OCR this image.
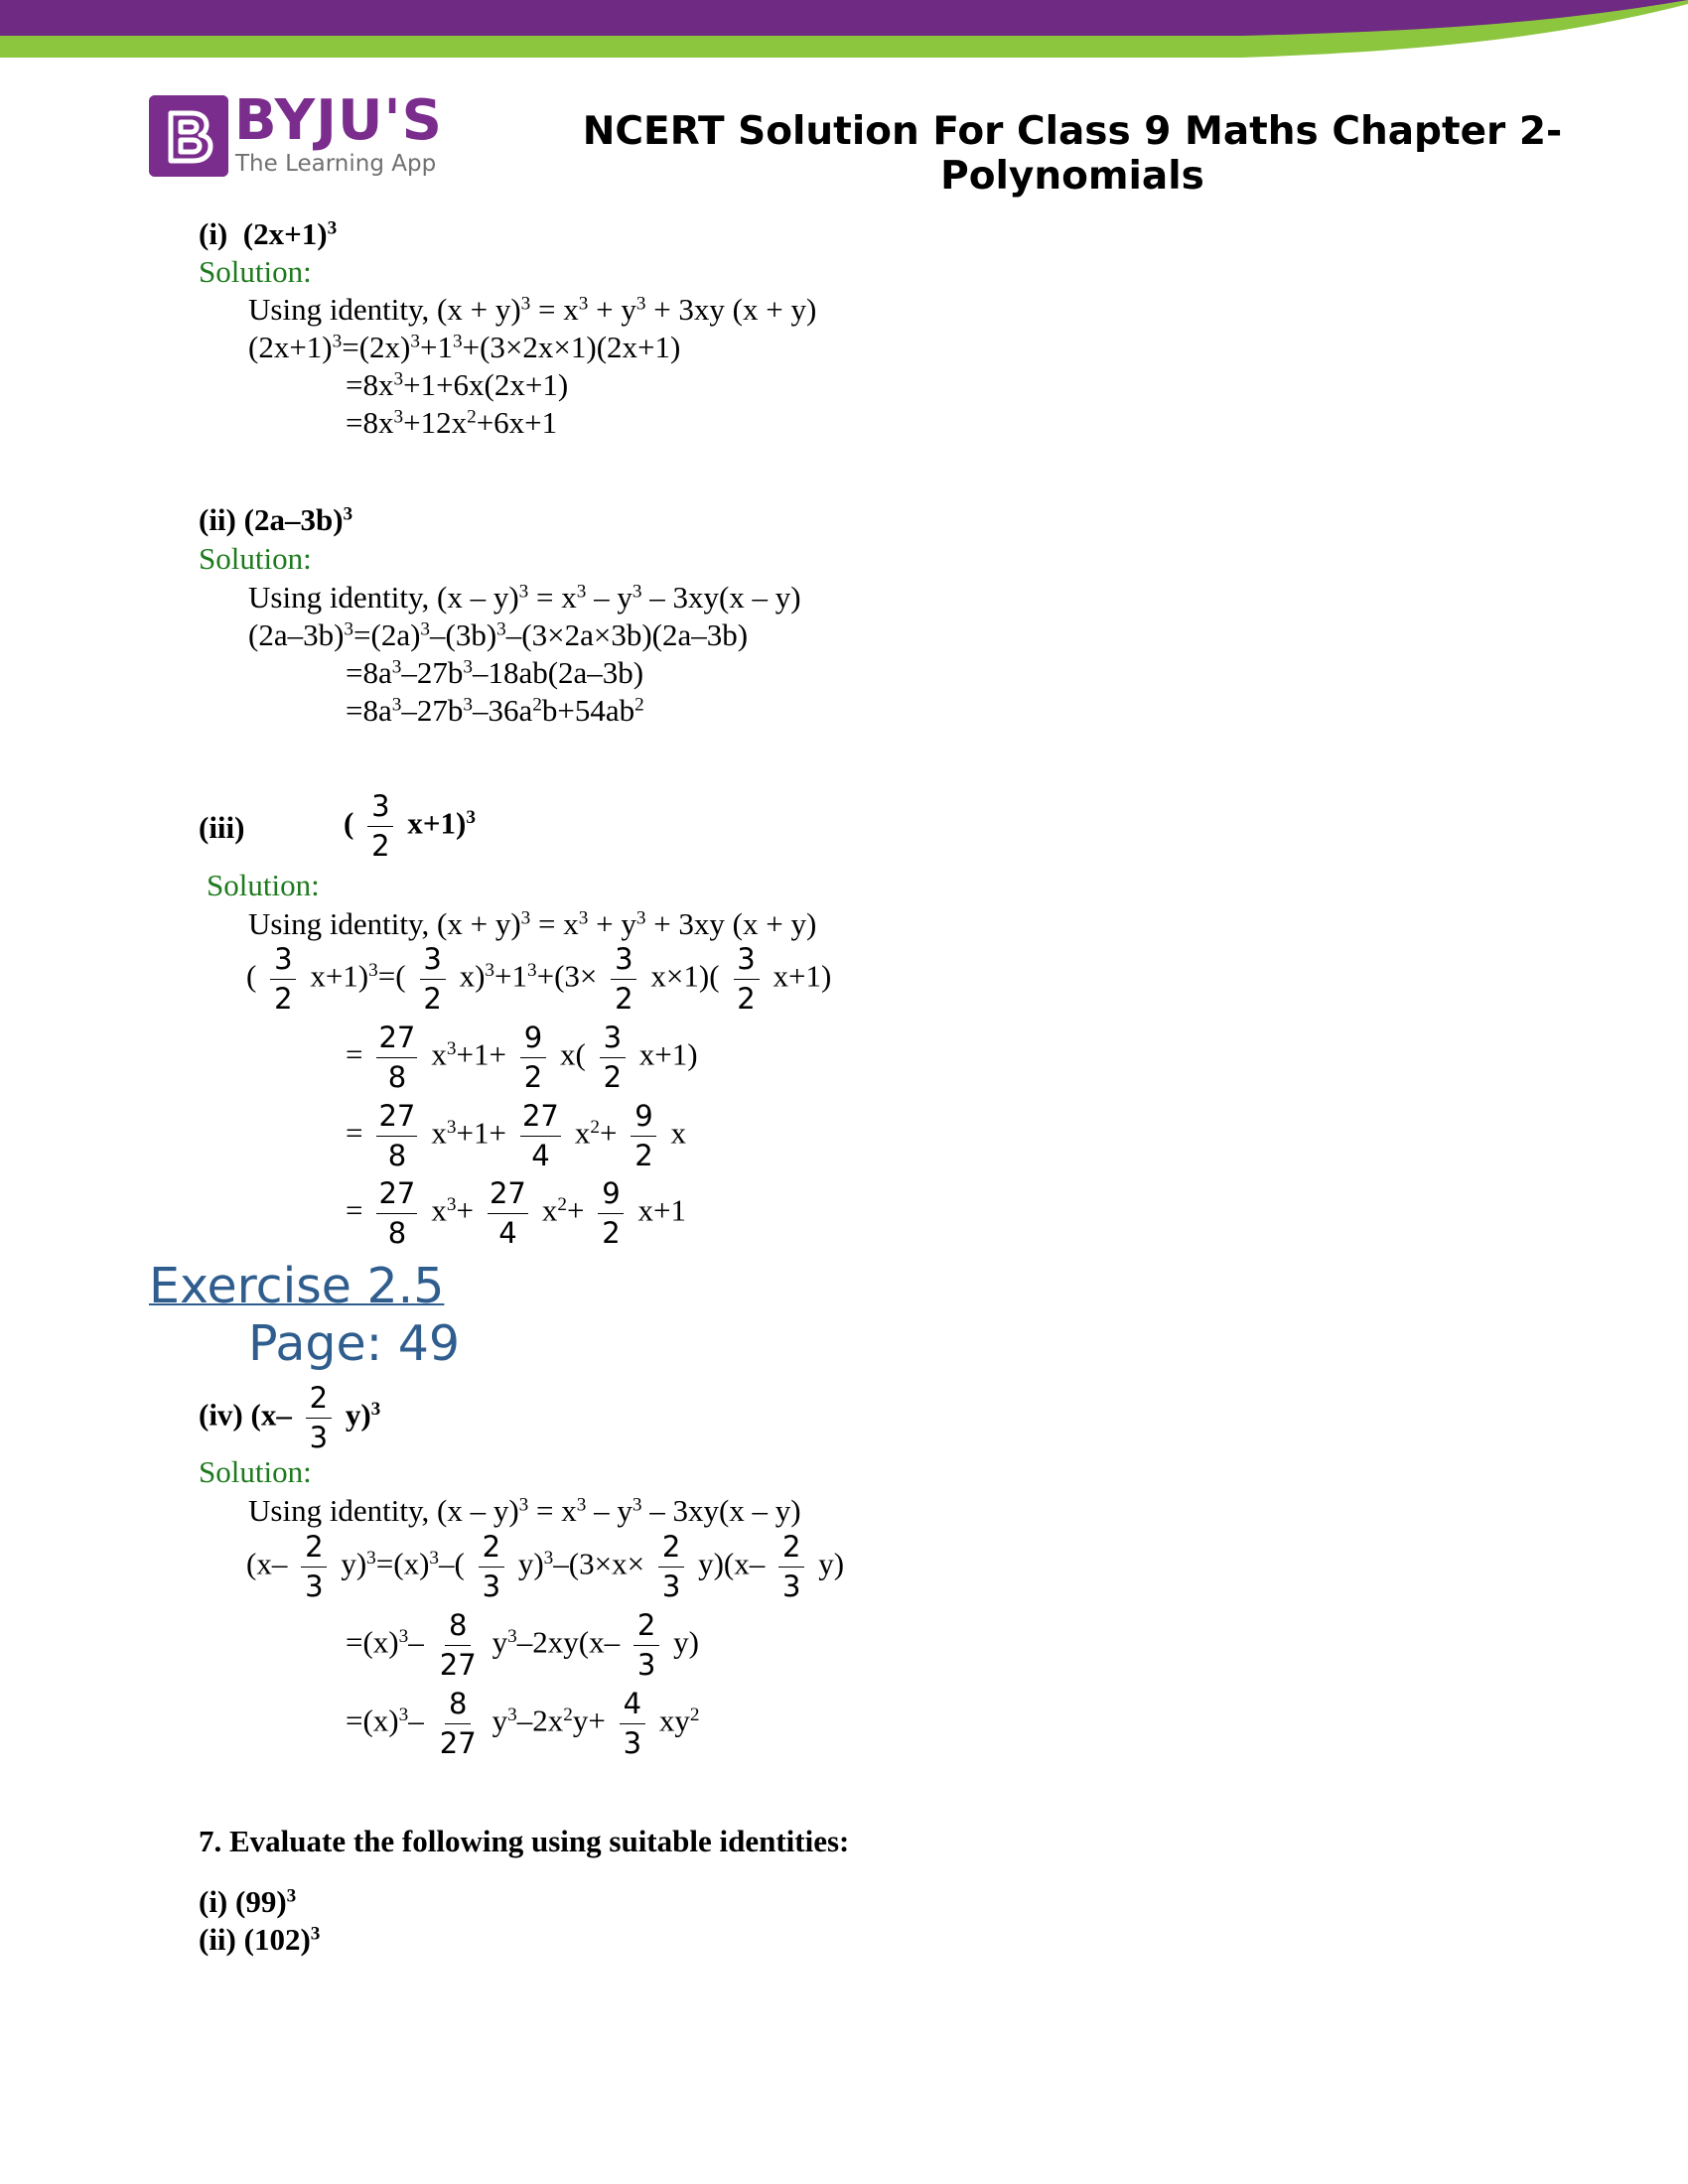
BYJU'S
The Learning App
NCERT Solution For Class 9 Maths Chapter 2-
Polynomials
(i) $(2x+1)^3$
Solution:
Using identity, $(x + y)^3 = x^3 + y^3 + 3xy$ (x + y)
$(2x+1)^3=(2x)^3+1^3+(3\times 2x\times 1)(2x+1)$
$=8x^3+1+6x(2x+1)$
$=8x^3+12x^2+6x+1$
(ii) $(2a-3b)^3$
Solution:
Using identity, $(x - y)^3 = x^3 - y^3 - 3xy(x - y)$
$(2a-3b)^3=(2a)^3-(3b)^3-(3\times 2a\times 3b)(2a-3b)$
$=8a^3-27b^3-18ab(2a-3b)$
$=8a^3-27b^3-36a^2b+54ab^2$
(iii)	( $\frac{3}{2} x+1)^3$
Solution:
Using identity, $(x + y)^3 = x^3 + y^3 + 3xy$ (x + y)
( $\frac{3}{2} x+1)^3=( \frac{3}{2} x)^3+1^3+(3\times \frac{3}{2} x\times 1)( \frac{3}{2} x+1)$
= $\frac{27}{8} x^3+1+ \frac{9}{2} x( \frac{3}{2} x+1)$
= $\frac{27}{8} x^3+1+ \frac{27}{4} x^2+ \frac{9}{2}$ x
= $\frac{27}{8} x^3+ \frac{27}{4} x^2+ \frac{9}{2} x+1$
Exercise 2.5
Page: 49
(iv) $(x- \frac{2}{3} y)^3$
Solution:
Using identity, $(x - y)^3 = x^3 - y^3 - 3xy(x - y)$
$(x- \frac{2}{3} y)^3=(x)^3-( \frac{2}{3} y)^3-(3\times x\times \frac{2}{3} y)(x- \frac{2}{3} y)$
$=(x)^3- \frac{8}{27} y^3-2xy(x- \frac{2}{3} y)$
$=(x)^3- \frac{8}{27} y^3-2x^2y+ \frac{4}{3} xy^2$
7. Evaluate the following using suitable identities:
(i) $(99)^3$
(ii) $(102)^3$
